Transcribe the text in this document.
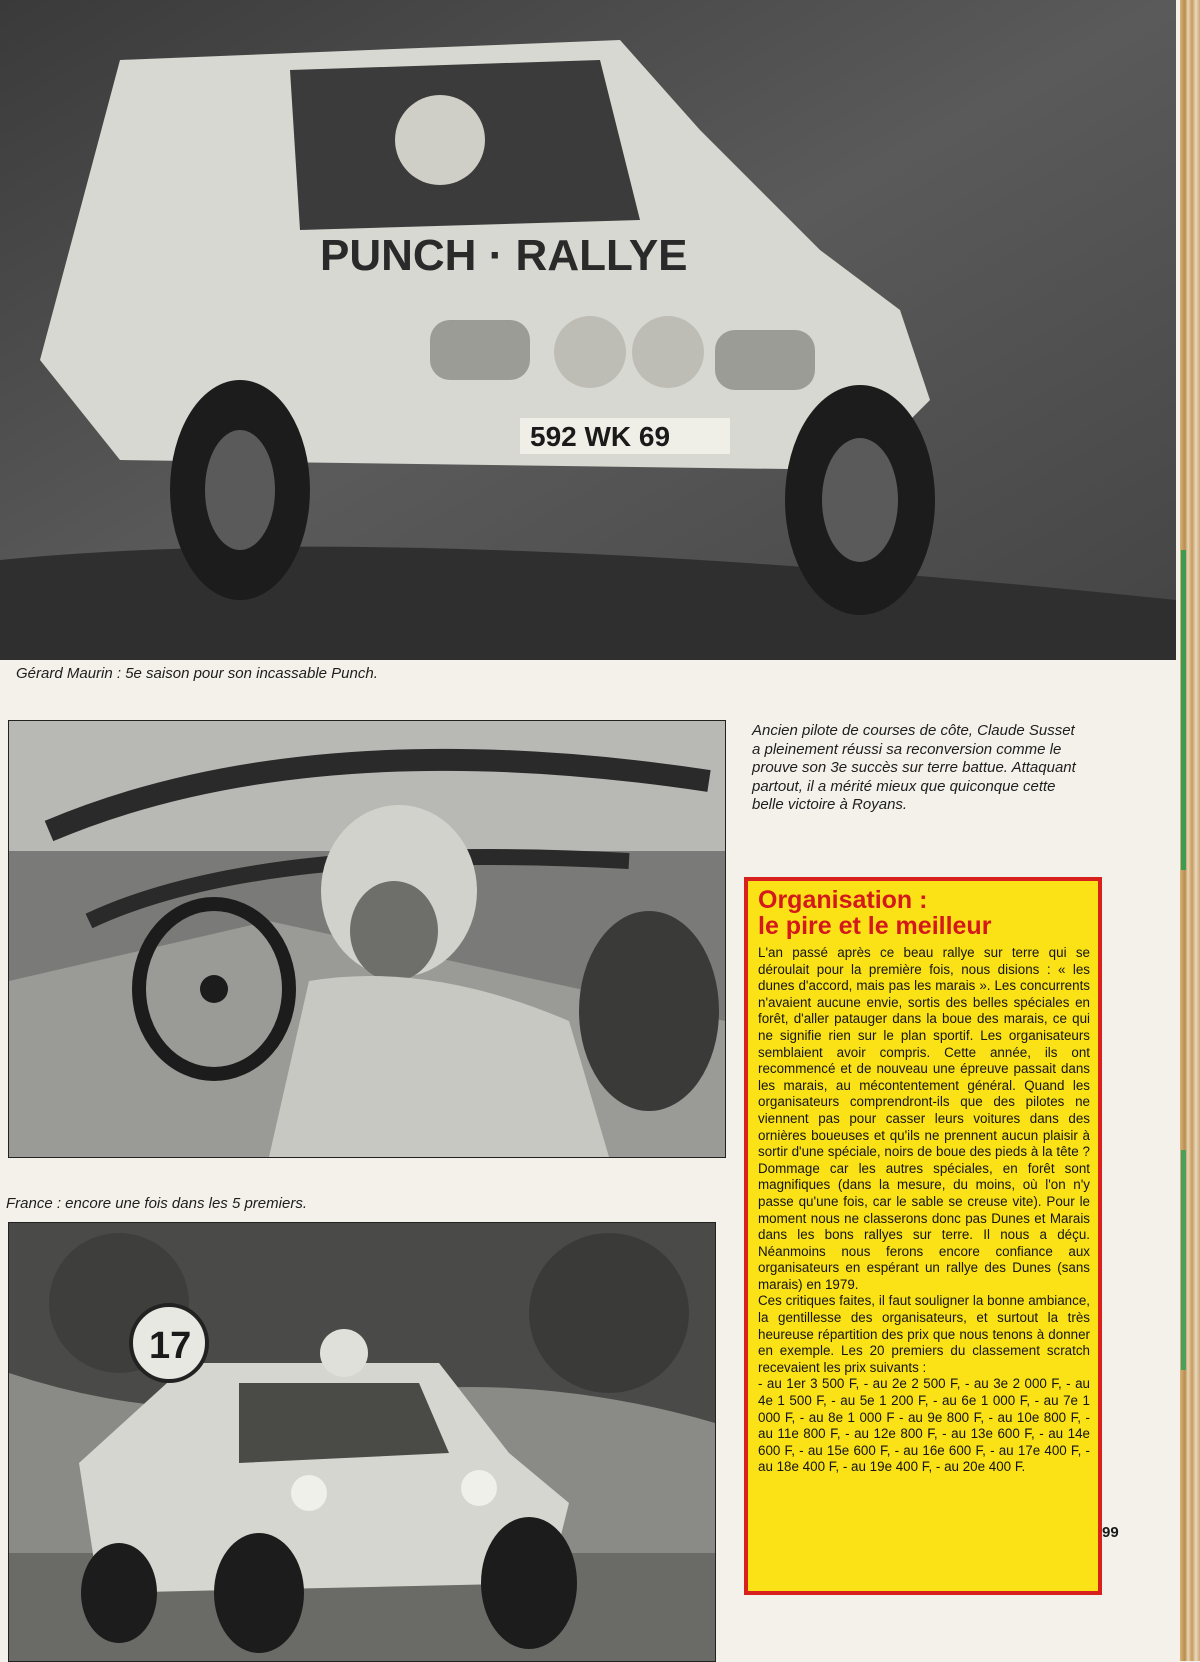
PUNCH · RALLYE
592 WK 69

Gérard Maurin : 5e saison pour son incassable Punch.

France : encore une fois dans les 5 premiers.

17

Ancien pilote de courses de côte, Claude Susset a pleinement réussi sa reconversion comme le prouve son 3e succès sur terre battue. Attaquant partout, il a mérité mieux que quiconque cette belle victoire à Royans.

Organisation :
le pire et le meilleur

L'an passé après ce beau rallye sur terre qui se déroulait pour la première fois, nous disions : « les dunes d'accord, mais pas les marais ». Les concurrents n'avaient aucune envie, sortis des belles spéciales en forêt, d'aller patauger dans la boue des marais, ce qui ne signifie rien sur le plan sportif. Les organisateurs semblaient avoir compris. Cette année, ils ont recommencé et de nouveau une épreuve passait dans les marais, au mécontentement général. Quand les organisateurs comprendront-ils que des pilotes ne viennent pas pour casser leurs voitures dans des ornières boueuses et qu'ils ne prennent aucun plaisir à sortir d'une spéciale, noirs de boue des pieds à la tête ? Dommage car les autres spéciales, en forêt sont magnifiques (dans la mesure, du moins, où l'on n'y passe qu'une fois, car le sable se creuse vite). Pour le moment nous ne classerons donc pas Dunes et Marais dans les bons rallyes sur terre. Il nous a déçu. Néanmoins nous ferons encore confiance aux organisateurs en espérant un rallye des Dunes (sans marais) en 1979.

Ces critiques faites, il faut souligner la bonne ambiance, la gentillesse des organisateurs, et surtout la très heureuse répartition des prix que nous tenons à donner en exemple. Les 20 premiers du classement scratch recevaient les prix suivants :

- au 1er 3 500 F, - au 2e 2 500 F, - au 3e 2 000 F, - au 4e 1 500 F, - au 5e 1 200 F, - au 6e 1 000 F, - au 7e 1 000 F, - au 8e 1 000 F - au 9e 800 F, - au 10e 800 F, - au 11e 800 F, - au 12e 800 F, - au 13e 600 F, - au 14e 600 F, - au 15e 600 F, - au 16e 600 F, - au 17e 400 F, - au 18e 400 F, - au 19e 400 F, - au 20e 400 F.

99
